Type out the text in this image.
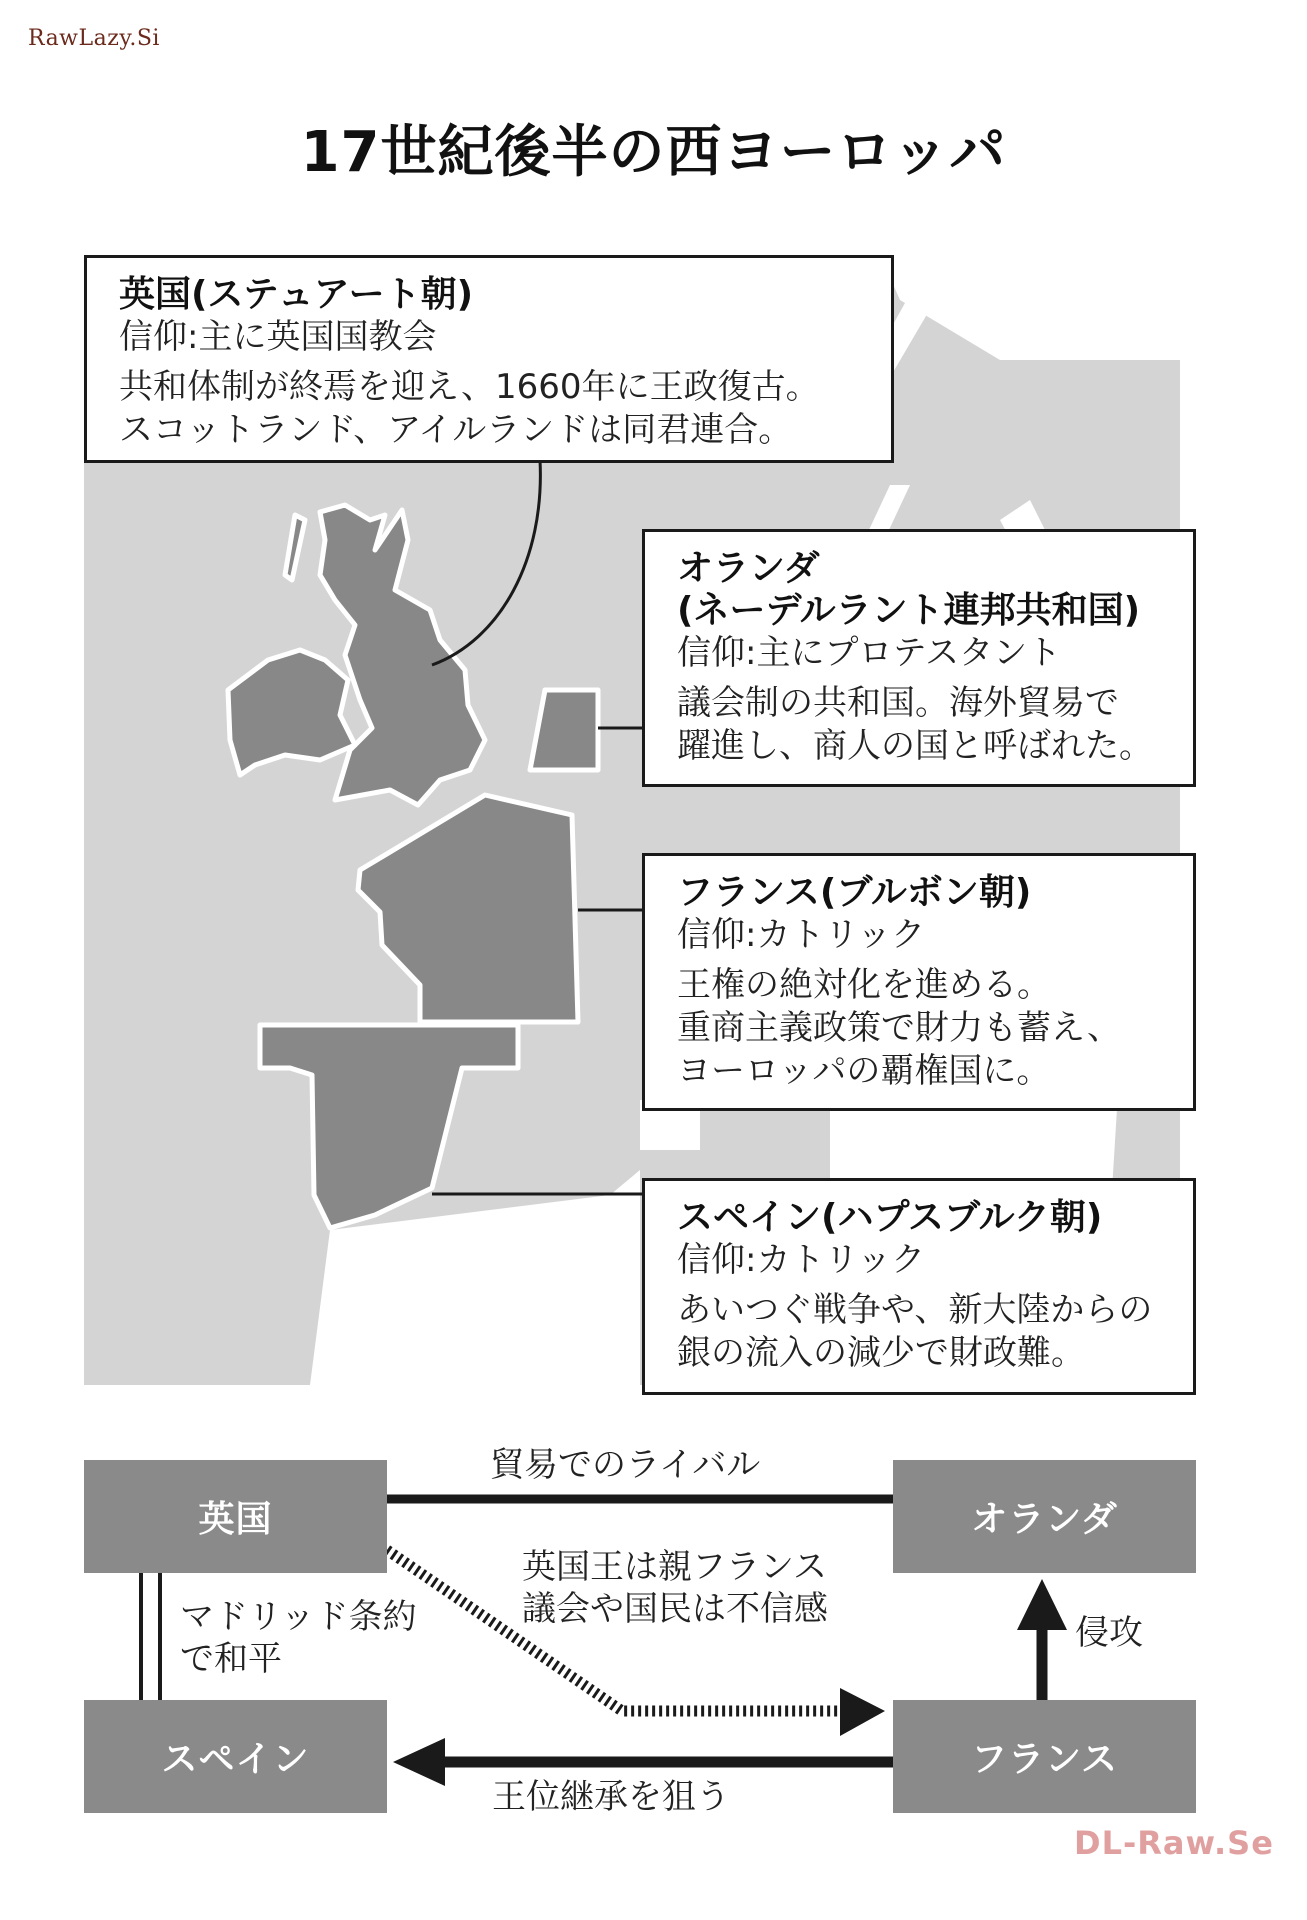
RawLazy.Si
17世紀後半の西ヨーロッパ
英国(ステュアート朝)
信仰:主に英国国教会
共和体制が終焉を迎え、1660年に王政復古。
スコットランド、アイルランドは同君連合。
オランダ
(ネーデルラント連邦共和国)
信仰:主にプロテスタント
議会制の共和国。海外貿易で
躍進し、商人の国と呼ばれた。
フランス(ブルボン朝)
信仰:カトリック
王権の絶対化を進める。
重商主義政策で財力も蓄え、
ヨーロッパの覇権国に。
スペイン(ハプスブルク朝)
信仰:カトリック
あいつぐ戦争や、新大陸からの
銀の流入の減少で財政難。
英国	オランダ
スペイン	フランス
貿易でのライバル
英国王は親フランス
議会や国民は不信感
マドリッド条約
で和平
侵攻
王位継承を狙う
DL-Raw.Se
